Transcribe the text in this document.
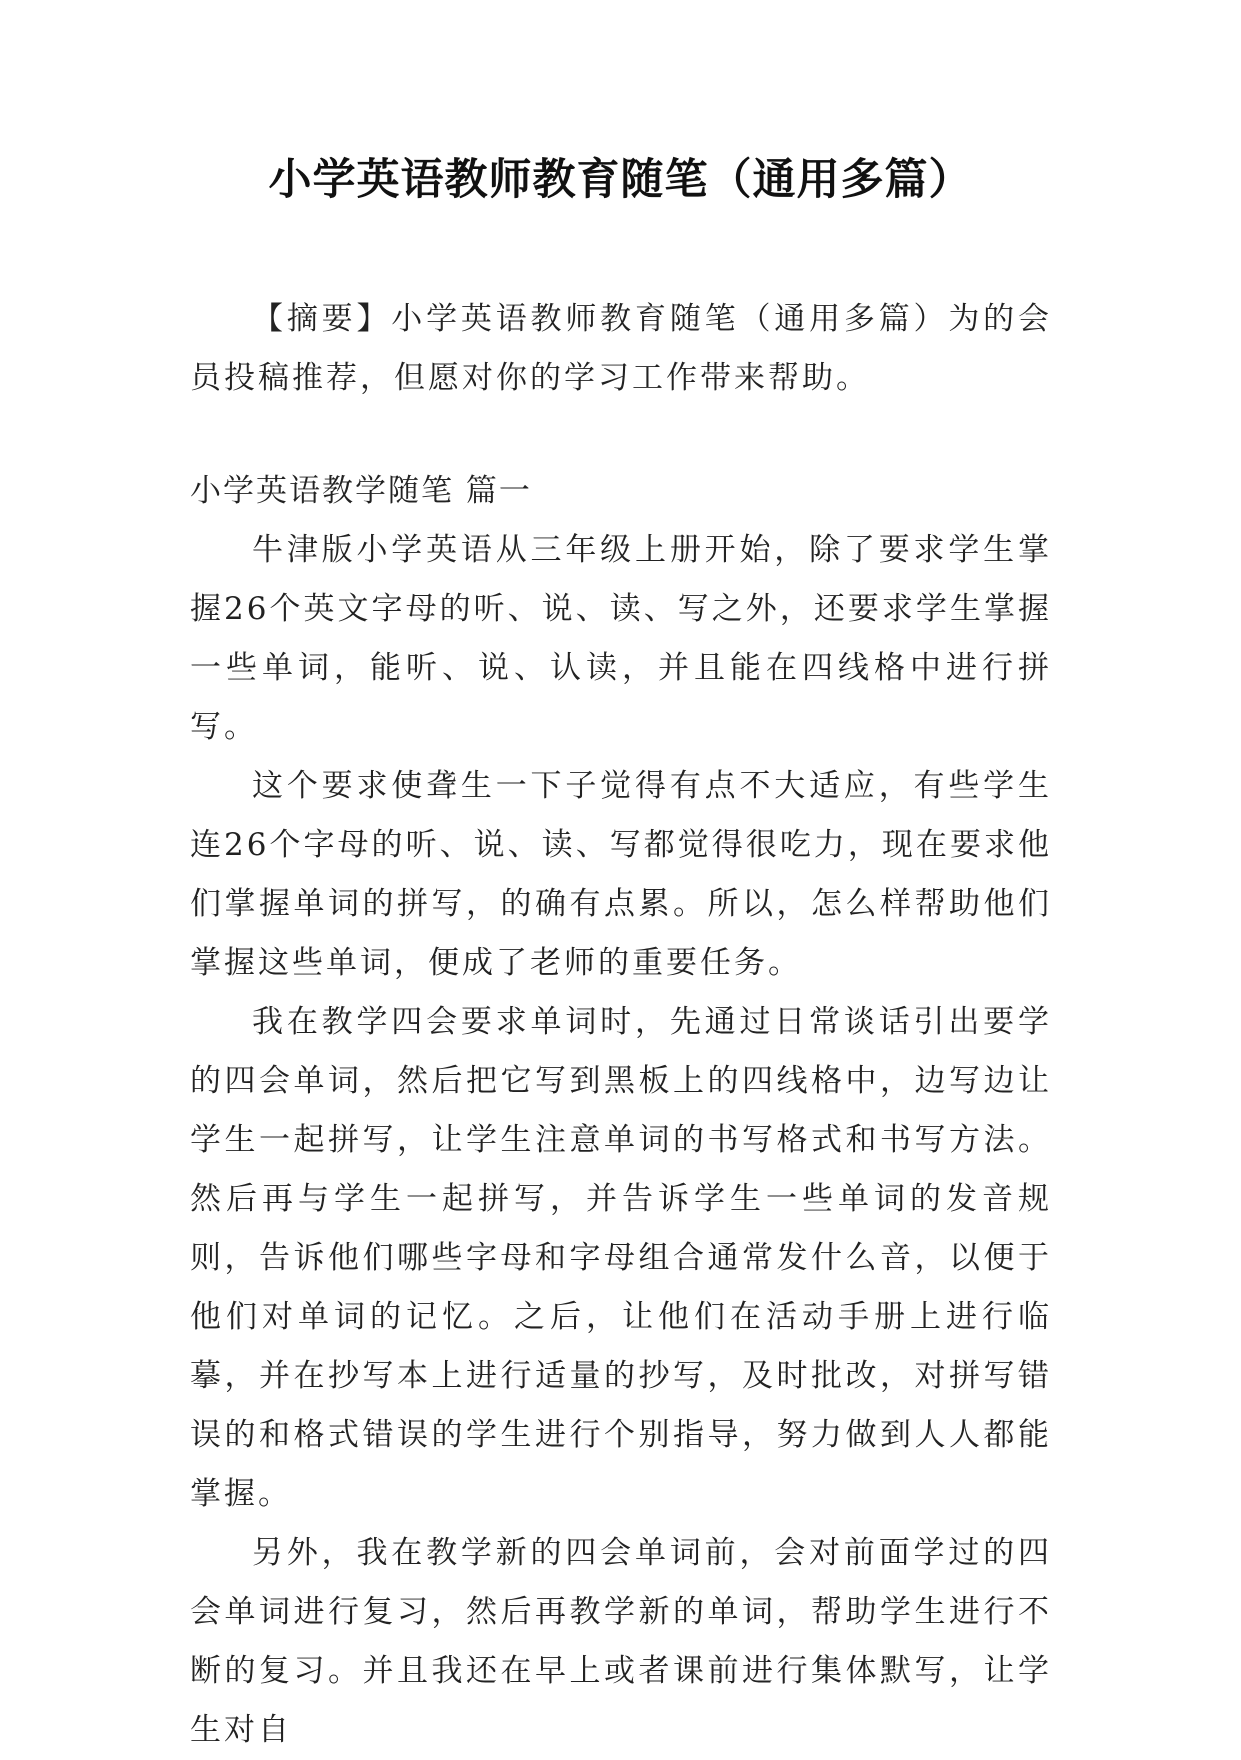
小学英语教师教育随笔（通用多篇）

【摘要】小学英语教师教育随笔（通用多篇）为的会员投稿推荐，但愿对你的学习工作带来帮助。

小学英语教学随笔 篇一

牛津版小学英语从三年级上册开始，除了要求学生掌握26个英文字母的听、说、读、写之外，还要求学生掌握一些单词，能听、说、认读，并且能在四线格中进行拼写。

这个要求使聋生一下子觉得有点不大适应，有些学生连26个字母的听、说、读、写都觉得很吃力，现在要求他们掌握单词的拼写，的确有点累。所以，怎么样帮助他们掌握这些单词，便成了老师的重要任务。

我在教学四会要求单词时，先通过日常谈话引出要学的四会单词，然后把它写到黑板上的四线格中，边写边让学生一起拼写，让学生注意单词的书写格式和书写方法。然后再与学生一起拼写，并告诉学生一些单词的发音规则，告诉他们哪些字母和字母组合通常发什么音，以便于他们对单词的记忆。之后，让他们在活动手册上进行临摹，并在抄写本上进行适量的抄写，及时批改，对拼写错误的和格式错误的学生进行个别指导，努力做到人人都能掌握。

另外，我在教学新的四会单词前，会对前面学过的四会单词进行复习，然后再教学新的单词，帮助学生进行不断的复习。并且我还在早上或者课前进行集体默写，让学生对自
